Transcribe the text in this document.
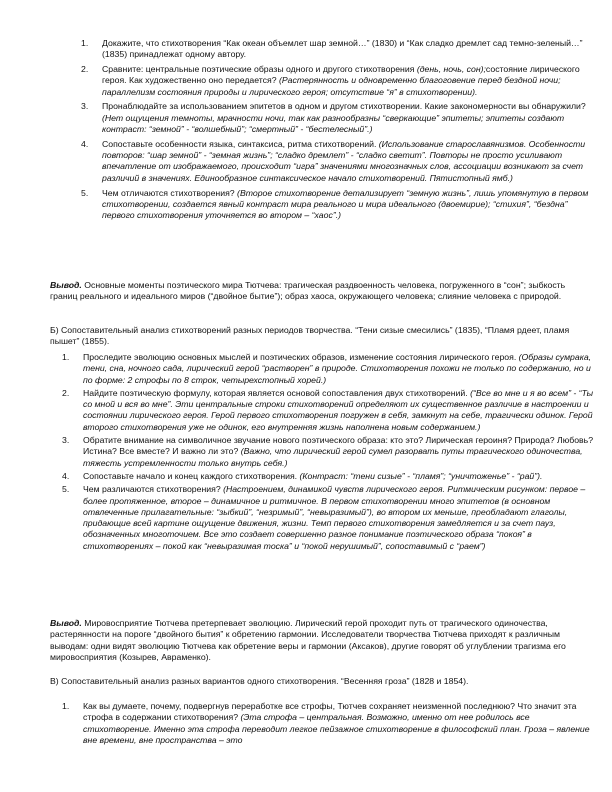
1. Докажите, что стихотворения “Как океан объемлет шар земной…” (1830) и “Как сладко дремлет сад темно-зеленый…” (1835) принадлежат одному автору.
2. Сравните: центральные поэтические образы одного и другого стихотворения (день, ночь, сон);состояние лирического героя. Как художественно оно передается? (Растерянность и одновременно благоговение перед бездной ночи; параллелизм состояния природы и лирического героя; отсутствие “я” в стихотворении).
3. Пронаблюдайте за использованием эпитетов в одном и другом стихотворении. Какие закономерности вы обнаружили? (Нет ощущения темноты, мрачности ночи, так как разнообразны “сверкающие” эпитеты; эпитеты создают контраст: “земной” - “волшебный”; “смертный” - “бестелесный”.)
4. Сопоставьте особенности языка, синтаксиса, ритма стихотворений. (Использование старославянизмов. Особенности повторов: “шар земной” - “земная жизнь”; “сладко дремлет” - “сладко светит”. Повторы не просто усиливают впечатление от изображаемого, происходит “игра” значениями многозначных слов, ассоциации возникают за счет различий в значениях. Единообразное синтаксическое начало стихотворений. Пятистопный ямб.)
5. Чем отличаются стихотворения? (Второе стихотворение детализирует “земную жизнь”, лишь упомянутую в первом стихотворении, создается явный контраст мира реального и мира идеального (двоемирие); “стихия”, “бездна” первого стихотворения уточняется во втором – “хаос”.)

Вывод. Основные моменты поэтического мира Тютчева: трагическая раздвоенность человека, погруженного в “сон”; зыбкость границ реального и идеального миров (“двойное бытие”); образ хаоса, окружающего человека; слияние человека с природой.

Б) Сопоставительный анализ стихотворений разных периодов творчества. “Тени сизые смесились” (1835), “Пламя рдеет, пламя пышет” (1855).

1. Проследите эволюцию основных мыслей и поэтических образов, изменение состояния лирического героя. (Образы сумрака, тени, сна, ночного сада, лирический герой “растворен” в природе. Стихотворения похожи не только по содержанию, но и по форме: 2 строфы по 8 строк, четырехстопный хорей.)
2. Найдите поэтическую формулу, которая является основой сопоставления двух стихотворений. (“Все во мне и я во всем” - “Ты со мной и вся во мне”. Эти центральные строки стихотворений определяют их существенное различие в настроении и состоянии лирического героя. Герой первого стихотворения погружен в себя, замкнут на себе, трагически одинок. Герой второго стихотворения уже не одинок, его внутренняя жизнь наполнена новым содержанием.)
3. Обратите внимание на символичное звучание нового поэтического образа: кто это? Лирическая героиня? Природа? Любовь? Истина? Все вместе? И важно ли это? (Важно, что лирический герой сумел разорвать путы трагического одиночества, тяжесть устремленности только внутрь себя.)
4. Сопоставьте начало и конец каждого стихотворения. (Контраст: “тени сизые” - “пламя”; “уничтоженье” - “рай”).
5. Чем различаются стихотворения? (Настроением, динамикой чувств лирического героя. Ритмическим рисунком: первое – более протяженное, второе – динамичное и ритмичное. В первом стихотворении много эпитетов (в основном отвлеченные прилагательные: “зыбкий”, “незримый”, “невыразимый”), во втором их меньше, преобладают глаголы, придающие всей картине ощущение движения, жизни. Темп первого стихотворения замедляется и за счет пауз, обозначенных многоточием. Все это создает совершенно разное понимание поэтического образа “покоя” в стихотворениях – покой как “невыразимая тоска” и “покой нерушимый”, сопоставимый с “раем”)

Вывод. Мировосприятие Тютчева претерпевает эволюцию. Лирический герой проходит путь от трагического одиночества, растерянности на пороге “двойного бытия” к обретению гармонии. Исследователи творчества Тютчева приходят к различным выводам: одни видят эволюцию Тютчева как обретение веры и гармонии (Аксаков), другие говорят об углублении трагизма его мировосприятия (Козырев, Авраменко).

В) Сопоставительный анализ разных вариантов одного стихотворения. “Весенняя гроза” (1828 и 1854).

1. Как вы думаете, почему, подвергнув переработке все строфы, Тютчев сохраняет неизменной последнюю? Что значит эта строфа в содержании стихотворения? (Эта строфа – центральная. Возможно, именно от нее родилось все стихотворение. Именно эта строфа переводит легкое пейзажное стихотворение в философский план. Гроза – явление вне времени, вне пространства – это
